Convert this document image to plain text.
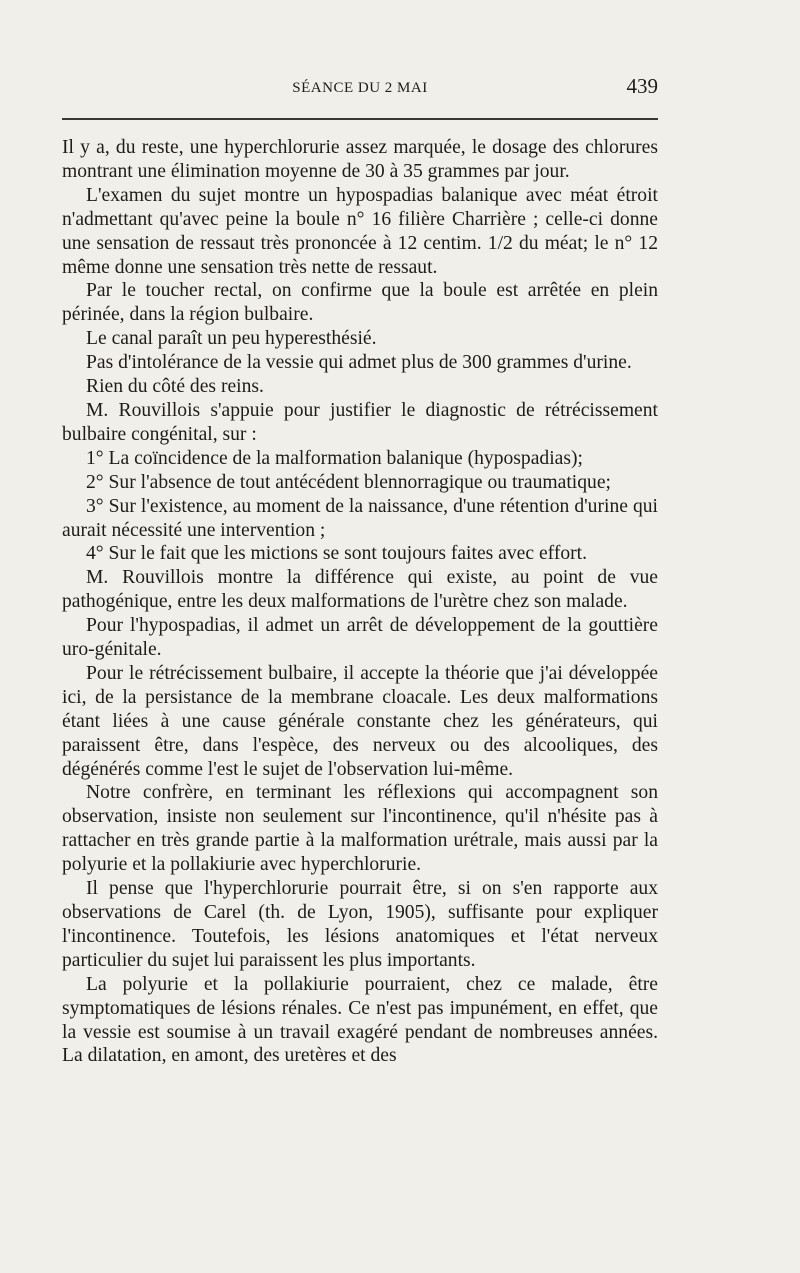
SÉANCE DU 2 MAI	439

Il y a, du reste, une hyperchlorurie assez marquée, le dosage des chlorures montrant une élimination moyenne de 30 à 35 grammes par jour.

L'examen du sujet montre un hypospadias balanique avec méat étroit n'admettant qu'avec peine la boule n° 16 filière Charrière ; celle-ci donne une sensation de ressaut très prononcée à 12 centim. 1/2 du méat; le n° 12 même donne une sensation très nette de ressaut.

Par le toucher rectal, on confirme que la boule est arrêtée en plein périnée, dans la région bulbaire.

Le canal paraît un peu hyperesthésié.

Pas d'intolérance de la vessie qui admet plus de 300 grammes d'urine.

Rien du côté des reins.

M. Rouvillois s'appuie pour justifier le diagnostic de rétrécissement bulbaire congénital, sur :

1° La coïncidence de la malformation balanique (hypospadias);

2° Sur l'absence de tout antécédent blennorragique ou traumatique;

3° Sur l'existence, au moment de la naissance, d'une rétention d'urine qui aurait nécessité une intervention ;

4° Sur le fait que les mictions se sont toujours faites avec effort.

M. Rouvillois montre la différence qui existe, au point de vue pathogénique, entre les deux malformations de l'urètre chez son malade.

Pour l'hypospadias, il admet un arrêt de développement de la gouttière uro-génitale.

Pour le rétrécissement bulbaire, il accepte la théorie que j'ai développée ici, de la persistance de la membrane cloacale. Les deux malformations étant liées à une cause générale constante chez les générateurs, qui paraissent être, dans l'espèce, des nerveux ou des alcooliques, des dégénérés comme l'est le sujet de l'observation lui-même.

Notre confrère, en terminant les réflexions qui accompagnent son observation, insiste non seulement sur l'incontinence, qu'il n'hésite pas à rattacher en très grande partie à la malformation urétrale, mais aussi par la polyurie et la pollakiurie avec hyperchlorurie.

Il pense que l'hyperchlorurie pourrait être, si on s'en rapporte aux observations de Carel (th. de Lyon, 1905), suffisante pour expliquer l'incontinence. Toutefois, les lésions anatomiques et l'état nerveux particulier du sujet lui paraissent les plus importants.

La polyurie et la pollakiurie pourraient, chez ce malade, être symptomatiques de lésions rénales. Ce n'est pas impunément, en effet, que la vessie est soumise à un travail exagéré pendant de nombreuses années. La dilatation, en amont, des uretères et des
